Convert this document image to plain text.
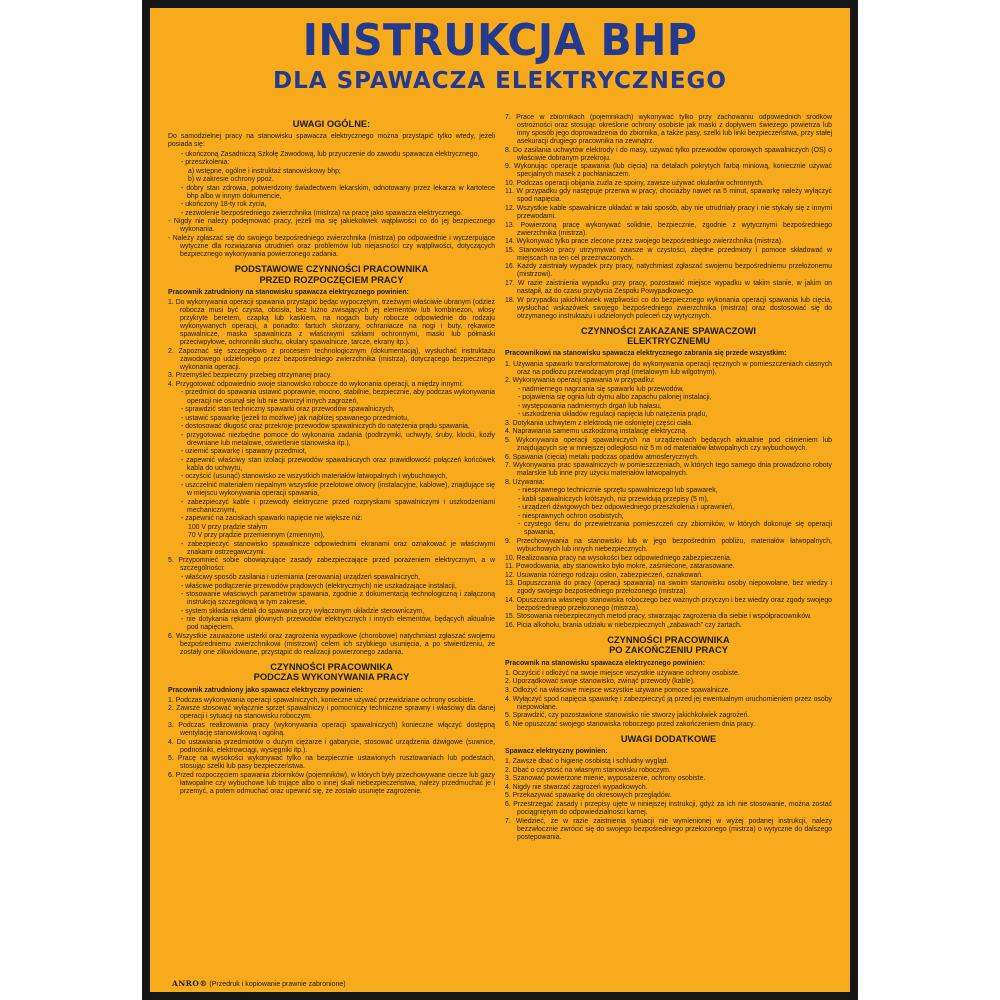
INSTRUKCJA BHP
DLA SPAWACZA ELEKTRYCZNEGO
UWAGI OGÓLNE:

Do samodzielnej pracy na stanowisku spawacza elektrycznego można przystąpić tylko wtedy, jeżeli posiada się:

- ukończoną Zasadniczą Szkołę Zawodową, lub przyuczenie do zawodu spawacza elektrycznego,

- przeszkolenia:

a) wstępne, ogólne i instruktaż stanowiskowy bhp;

b) w zakresie ochrony ppoż.

- dobry stan zdrowia, potwierdzony świadectwem lekarskim, odnotowany przez lekarza w kartotece bhp albo w innym dokumencie,

- ukończony 18-ty rok życia,

- zezwolenie bezpośredniego zwierzchnika (mistrza) na pracę jako spawacza elektrycznego.

- Nigdy nie należy podejmować pracy, jeżeli ma się jakiekolwiek wątpliwości co do jej bezpiecznego wykonania.

- Należy zgłaszać się do swojego bezpośredniego zwierzchnika (mistrza) po odpowiednie i wyczerpujące wytyczne dla rozwiązania utrudnień oraz problemów lub niejasności czy wątpliwości, dotyczących bezpiecznego wykonywania powierzonego zadania.

PODSTAWOWE CZYNNOŚCI PRACOWNIKA
PRZED ROZPOCZĘCIEM PRACY
Pracownik zatrudniony na stanowisku spawacza elektrycznego powinien:

1. Do wykonywania operacji spawania przystąpić będąc wypoczętym, trzeźwym właściwie ubranym (odzież robocza musi być czysta, obcisła, bez luźno zwisających jej elementów lub kombinezon, włosy przykryte beretem, czapką lub kaskiem, na nogach buty robocze odpowiednie do rodzaju wykonywanych operacji, a ponadto: fartuch skórzany, ochraniacze na nogi i buty, rękawice spawalnicze, maska spawalnicza z właściwymi szkłami ochronnymi, maski lub półmaski przeciwpyłowe, ochronniki słuchu, okulary spawalnicze, tarcze, ekrany itp.).

2. Zapoznać się szczegółowo z procesem technologicznym (dokumentacją), wysłuchać instruktażu zawodowego udzielonego przez bezpośredniego zwierzchnika (mistrza), dotyczącego bezpiecznego wykonania operacji.

3. Przemyśleć bezpieczny przebieg otrzymanej pracy.

4. Przygotować odpowiednio swoje stanowisko robocze do wykonania operacji, a między innymi:

- przedmiot do spawania ustawić poprawnie, mocno, stabilnie, bezpiecznie, aby podczas wykonywania operacji nie osunął się lub nie stworzył innych zagrożeń,

- sprawdzić stan techniczny spawarki oraz przewodów spawalniczych,

- ustawić spawarkę (jeżeli to możliwe) jak najbliżej spawanego przedmiotu,

- dostosować długość oraz przekroje przewodów spawalniczych do natężenia prądu spawania,

- przygotować niezbędne pomoce do wykonania zadania (podtrzymki, uchwyty, śruby, klocki, kozły drewniane lub metalowe, oświetlenie stanowiska itp.),

- uziemić spawarkę i spawany przedmiot,

- zapewnić właściwy stan izolacji przewodów spawalniczych oraz prawidłowość połączeń końcówek kabla do uchwytu,

- oczyścić (usunąć) stanowisko ze wszystkich materiałów łatwopalnych i wybuchowych,

- uszczelnić materiałem niepalnym wszystkie przelotowe otwory (instalacyjne, kablowe), znajdujące się w miejscu wykonywania operacji spawania,

- zabezpieczyć kable i przewody elektryczne przed rozpryskami spawalniczymi i uszkodzeniami mechanicznymi,

- zapewnić na zaciskach spawarki napięcie nie większe niż:

100 V przy prądzie stałym

70 V przy prądzie przemiennym (zmiennym),

- zabezpieczyć stanowisko spawalnicze odpowiednimi ekranami oraz oznakować je właściwymi znakami ostrzegawczymi.

5. Przypomnieć sobie obowiązujące zasady zabezpieczające przed porażeniem elektrycznym, a w szczególności:

- właściwy sposób zasilania i uziemiania (zerowania) urządzeń spawalniczych,

- właściwe podłączenie przewodów prądowych (elektrycznych) nie uszkadzające instalacji,

- stosowanie właściwych parametrów spawania, zgodnie z dokumentacją technologiczną i załączoną instrukcją szczegółową w tym zakresie,

- system składania detali do spawania przy wyłączonym układzie sterowniczym,

- nie dotykania rękami głównych przewodów elektrycznych i innych elementów, będących aktualnie pod napięciem.

6. Wszystkie zauważone usterki oraz zagrożenia wypadkowe (chorobowe) natychmiast zgłaszać swojemu bezpośredniemu zwierzchnikowi (mistrzowi) celem ich szybkiego usunięcia, a po stwierdzeniu, że zostały one zlikwidowane, przystąpić do realizacji powierzonego zadania.

CZYNNOŚCI PRACOWNIKA
PODCZAS WYKONYWANIA PRACY
Pracownik zatrudniony jako spawacz elektryczny powinien:

1. Podczas wykonywania operacji spawalniczych, konieczne używać przewidziane ochrony osobiste.

2. Zawsze stosować wyłącznie sprzęt spawalniczy i pomocniczy techniczne sprawny i właściwy dla danej operacji i sytuacji na stanowisku roboczym.

3. Podczas realizowania pracy (wykonywania operacji spawalniczych) konieczne włączyć dostępną wentylację stanowiskową i ogólną.

4. Do ustawiania przedmiotów o dużym ciężarze i gabarycie, stosować urządzenia dźwigowe (suwnice, podnośniki, elektrowciągi, wysięgniki itp.).

5. Pracę na wysokości wykonywać tylko na bezpiecznie ustawionych rusztowaniach lub podestach, stosując szelki lub pasy bezpieczeństwa.

6. Przed rozpoczęciem spawania zbiorników (pojemników), w których były przechowywane ciecze lub gazy łatwopalne czy wybuchowe lub trujące albo o innej skali niebezpieczeństwa, należy przedmuchać je i przemyć, a potem odmuchać oraz upewnić się, że zostało usunięte zagrożenie.

7. Prace w zbiornikach (pojemnikach) wykonywać tylko przy zachowaniu odpowiednich środków ostrożności oraz stosując określone ochrony osobiste jak maski z dopływem świeżego powietrza lub inny sposób jego doprowadzenia do zbiornika, a także pasy, szelki lub linki bezpieczeństwa, przy stałej asekuracji drugiego pracownika na zewnątrz.

8. Do zasilania uchwytów elektrody i do masy, używać tylko przewodów oporowych spawalniczych (OS) o właściwie dobranym przekroju.

9. Wykonując operacje spawania (lub cięcia) na detalach pokrytych farbą miniową, koniecznie używać specjalnych masek z pochłaniaczem.

10. Podczas operacji obijania żużla ze spoiny, zawsze używać okularów ochronnych.

11. W przypadku gdy następuje przerwa w pracy, chociażby nawet na 5 minut, spawarkę należy wyłączyć spod napięcia.

12. Wszystkie kable spawalnicze układać w taki sposób, aby nie utrudniały pracy i nie stykały się z innymi przewodami.

13. Powierzoną pracę wykonywać solidnie, bezpiecznie, zgodnie z wytycznymi bezpośredniego zwierzchnika (mistrza).

14. Wykonywać tylko prace zlecone przez swojego bezpośredniego zwierzchnika (mistrza).

15. Stanowisko pracy utrzymywać zawsze w czystości, zbędne przedmioty i pomoce składować w miejscach na ten cel przeznaczonych.

16. Każdy zaistniały wypadek przy pracy, natychmiast zgłaszać swojemu bezpośredniemu przełożonemu (mistrzowi).

17. W razie zaistnienia wypadku przy pracy, pozostawić miejsce wypadku w takim stanie, w jakim on nastąpił, aż do czasu przybycia Zespołu Powypadkowego.

18. W przypadku jakichkolwiek wątpliwości co do bezpiecznego wykonania operacji spawania lub cięcia, wysłuchać wskazówek swojego bezpośredniego zwierzchnika (mistrza) oraz dostosować się do otrzymanego instruktażu i udzielonych poleceń czy wytycznych.

CZYNNOŚCI ZAKAZANE SPAWACZOWI
ELEKTRYCZNEMU
Pracownikowi na stanowisku spawacza elektrycznego zabrania się przede wszystkim:

1. Używania spawarki transformatorowej do wykonywania operacji ręcznych w pomieszczeniach ciasnych oraz na podłożu przewodzącym prąd (metalowym lub wilgotnym).

2. Wykonywania operacji spawania w przypadku:

- nadmiernego nagrzania się spawarki lub przewodów,

- pojawienia się ognia lub dymu albo zapachu palonej instalacji,

- występowania nadmiernych drgań lub hałasu,

- uszkodzenia układów regulacji napięcia lub natężenia prądu,

3. Dotykania uchwytem z elektrodą nie osłoniętej części ciała.

4. Naprawiania samemu uszkodzoną instalację elektryczną.

5. Wykonywania operacji spawalniczych na urządzeniach będących aktualnie pod ciśnieniem lub znajdujących się w mniejszej odległości niż 5 m od materiałów łatwopalnych czy wybuchowych.

6. Spawania (cięcia) metalu podczas opadów atmosferycznych.

7. Wykonywania prac spawalniczych w pomieszczeniach, w których tego samego dnia prowadzono roboty malarskie lub inne przy użyciu materiałów łatwopalnych.

8. Używania:

- niesprawnego technicznie sprzętu spawalniczego lub spawarek,

- kabli spawalniczych krótszych, niż przewidują przepisy (5 m),

- urządzeń dźwigowych bez odpowiedniego przeszkolenia i uprawnień,

- niesprawnych ochron osobistych,

- czystego tlenu do przewietrzania pomieszczeń czy zbiorników, w których dokonuje się operacji spawania,

9. Przechowywania na stanowisku lub w jego bezpośrednim pobliżu, materiałów łatwopalnych, wybuchowych lub innych niebezpiecznych.

10. Realizowania pracy na wysokości bez odpowiedniego zabezpieczenia.

11. Powodowania, aby stanowisko było mokre, zaśmiecone, zatarasowane.

12. Usuwania różnego rodzaju osłon, zabezpieczeń, oznakowań.

13. Dopuszczania do pracy (operacji spawania) na swoim stanowisku osoby niepowołane, bez wiedzy i zgody swojego bezpośredniego przełożonego (mistrza).

14. Opuszczania własnego stanowiska roboczego bez ważnych przyczyn i bez wiedzy oraz zgody swojego bezpośredniego przełożonego (mistrza).

15. Stosowania niebezpiecznych metod pracy, stwarzając zagrożenia dla siebie i współpracowników.

16. Picia alkoholu, brania udziału w niebezpiecznych „zabawach” czy żartach.

CZYNNOŚCI PRACOWNIKA
PO ZAKOŃCZENIU PRACY
Pracownik na stanowisku spawacza elektrycznego powinien:

1. Oczyścić i odłożyć na swoje miejsce wszystkie używane ochrony osobiste.

2. Uporządkować swoje stanowisko, zwinąć przewody (kable).

3. Odłożyć na właściwe miejsce wszystkie używane pomoce spawalnicze.

4. Wyłączyć spod napięcia spawarkę i zabezpieczyć ją przed jej ewentualnym uruchomieniem przez osoby niepowołane.

5. Sprawdzić, czy pozostawione stanowisko nie stworzy jakichkolwiek zagrożeń.

6. Nie opuszczać swojego stanowiska roboczego przed zakończeniem dnia pracy.

UWAGI DODATKOWE
Spawacz elektryczny powinien:

1. Zawsze dbać o higienę osobistą i schludny wygląd.

2. Dbać o czystość na własnym stanowisku roboczym.

3. Szanować powierzone mienie, wyposażenie, ochrony osobiste.

4. Nigdy nie stwarzać zagrożeń wypadkowych.

5. Przekazywać spawarkę do okresowych przeglądów.

6. Przestrzegać zasady i przepisy ujęte w niniejszej instrukcji, gdyż za ich nie stosowanie, można zostać pociągniętym do odpowiedzialności karnej.

7. Wiedzieć, że w razie zaistnienia sytuacji nie wymienionej w wyżej podanej instrukcji, należy bezzwłocznie zwrócić się do swojego bezpośredniego przełożonego (mistrza) o wytyczne do dalszego postępowania.

ANRO® (Przedruk i kopiowanie prawnie zabronione)
